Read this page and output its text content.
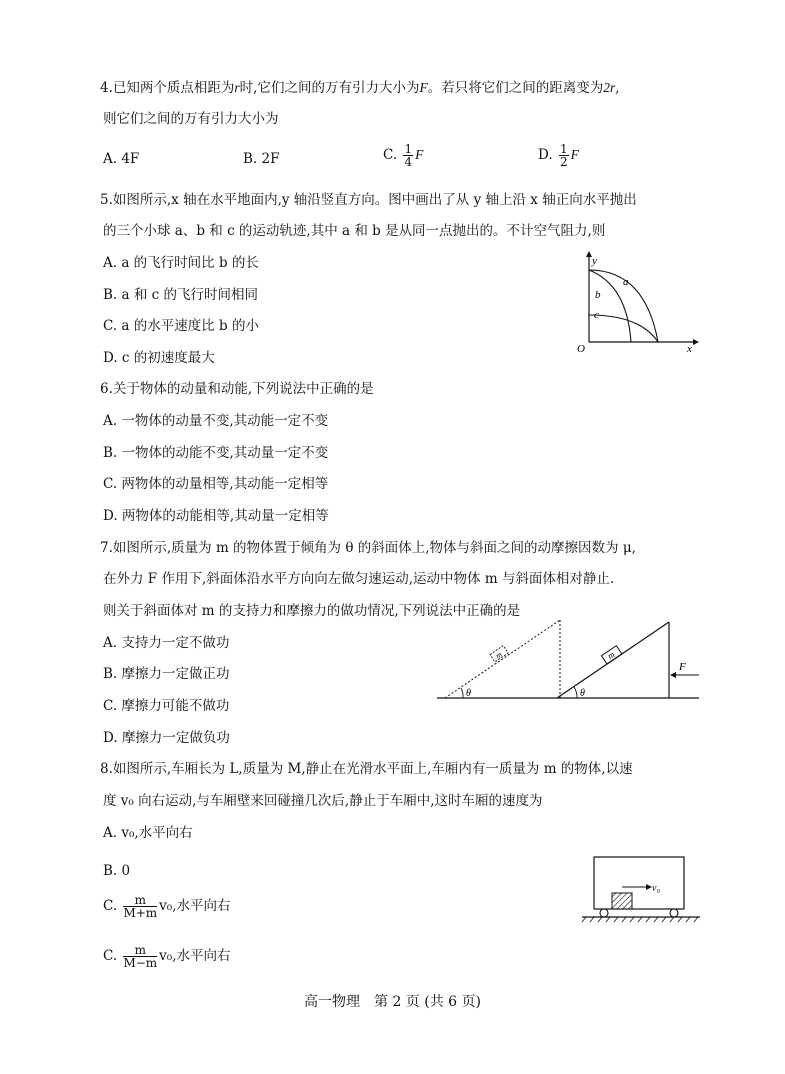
4.已知两个质点相距为r时,它们之间的万有引力大小为F。若只将它们之间的距离变为2r,
则它们之间的万有引力大小为
A. 4F	B. 2F	C. $\frac{1}{4}$ F	D. $\frac{1}{2}$ F
5.如图所示,x 轴在水平地面内,y 轴沿竖直方向。图中画出了从 y 轴上沿 x 轴正向水平抛出
的三个小球 a、b 和 c 的运动轨迹,其中 a 和 b 是从同一点抛出的。不计空气阻力,则
A. a 的飞行时间比 b 的长
B. a 和 c 的飞行时间相同
C. a 的水平速度比 b 的小
D. c 的初速度最大
y
x
O
a
b
c
6.关于物体的动量和动能,下列说法中正确的是
A. 一物体的动量不变,其动能一定不变
B. 一物体的动能不变,其动量一定不变
C. 两物体的动量相等,其动能一定相等
D. 两物体的动能相等,其动量一定相等
7.如图所示,质量为 m 的物体置于倾角为 θ 的斜面体上,物体与斜面之间的动摩擦因数为 μ,
在外力 F 作用下,斜面体沿水平方向向左做匀速运动,运动中物体 m 与斜面体相对静止.
则关于斜面体对 m 的支持力和摩擦力的做功情况,下列说法中正确的是
A. 支持力一定不做功
B. 摩擦力一定做正功
C. 摩擦力可能不做功
D. 摩擦力一定做负功
m
θ
m
θ
F
8.如图所示,车厢长为 L,质量为 M,静止在光滑水平面上,车厢内有一质量为 m 的物体,以速
度 v₀ 向右运动,与车厢壁来回碰撞几次后,静止于车厢中,这时车厢的速度为
A. v₀,水平向右
B. 0
C. $\frac{m}{M+m} v_0$,水平向右
C. $\frac{m}{M-m} v_0$,水平向右
v₀
高一物理　第 2 页 (共 6 页)
